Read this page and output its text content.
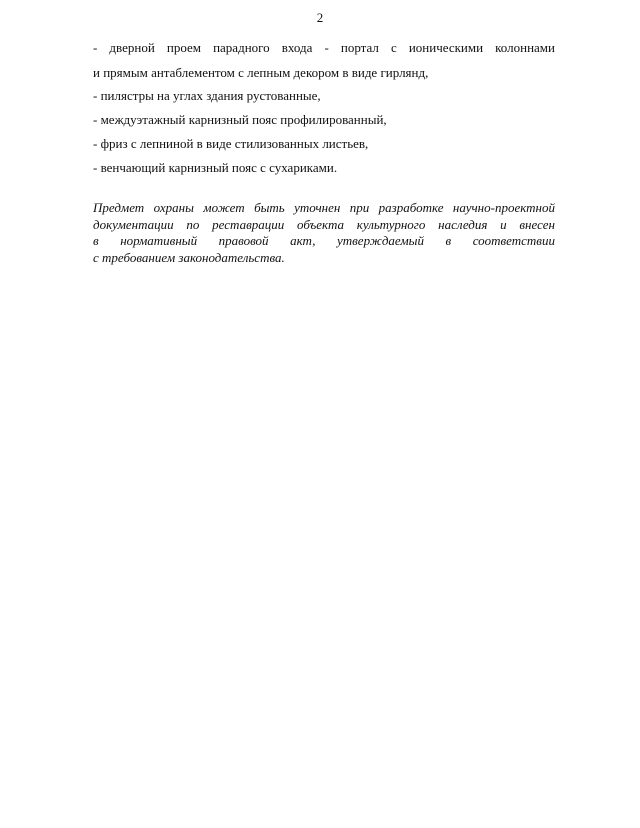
2
- дверной проем парадного входа - портал с ионическими колоннами
и прямым антаблементом с лепным декором в виде гирлянд,
- пилястры на углах здания рустованные,
- междуэтажный карнизный пояс профилированный,
- фриз с лепниной в виде стилизованных листьев,
- венчающий карнизный пояс с сухариками.
Предмет охраны может быть уточнен при разработке научно-проектной
документации по реставрации объекта культурного наследия и внесен
в нормативный правовой акт, утверждаемый в соответствии
с требованием законодательства.
